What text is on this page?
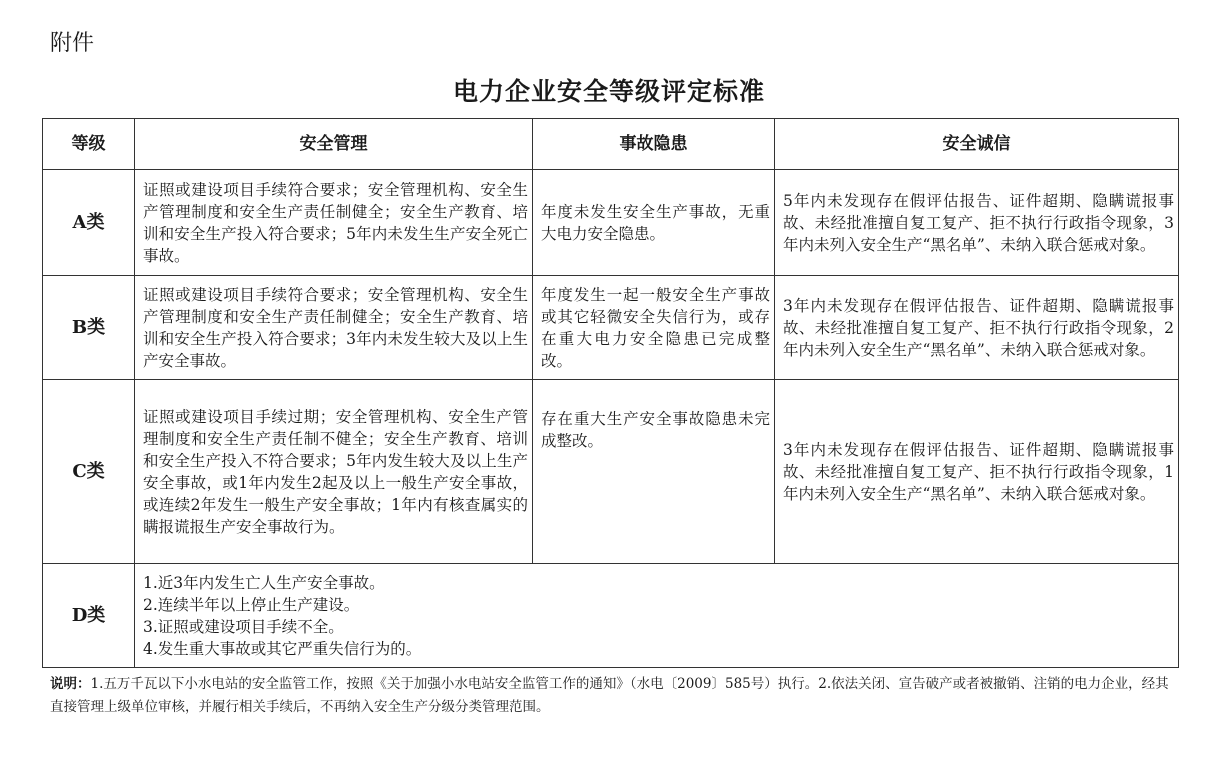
附件
电力企业安全等级评定标准
等级	安全管理	事故隐患	安全诚信
A类	证照或建设项目手续符合要求；安全管理机构、安全生产管理制度和安全生产责任制健全；安全生产教育、培训和安全生产投入符合要求；5年内未发生生产安全死亡事故。	年度未发生安全生产事故，无重大电力安全隐患。	5年内未发现存在假评估报告、证件超期、隐瞒谎报事故、未经批准擅自复工复产、拒不执行行政指令现象，3年内未列入安全生产“黑名单”、未纳入联合惩戒对象。
B类	证照或建设项目手续符合要求；安全管理机构、安全生产管理制度和安全生产责任制健全；安全生产教育、培训和安全生产投入符合要求；3年内未发生较大及以上生产安全事故。	年度发生一起一般安全生产事故或其它轻微安全失信行为，或存在重大电力安全隐患已完成整改。	3年内未发现存在假评估报告、证件超期、隐瞒谎报事故、未经批准擅自复工复产、拒不执行行政指令现象，2年内未列入安全生产“黑名单”、未纳入联合惩戒对象。
C类	证照或建设项目手续过期；安全管理机构、安全生产管理制度和安全生产责任制不健全；安全生产教育、培训和安全生产投入不符合要求；5年内发生较大及以上生产安全事故，或1年内发生2起及以上一般生产安全事故，或连续2年发生一般生产安全事故；1年内有核查属实的瞒报谎报生产安全事故行为。	存在重大生产安全事故隐患未完成整改。	3年内未发现存在假评估报告、证件超期、隐瞒谎报事故、未经批准擅自复工复产、拒不执行行政指令现象，1年内未列入安全生产“黑名单”、未纳入联合惩戒对象。
D类	1.近3年内发生亡人生产安全事故。
2.连续半年以上停止生产建设。
3.证照或建设项目手续不全。
4.发生重大事故或其它严重失信行为的。		
说明：1.五万千瓦以下小水电站的安全监管工作，按照《关于加强小水电站安全监管工作的通知》（水电〔2009〕585号）执行。2.依法关闭、宣告破产或者被撤销、注销的电力企业，经其直接管理上级单位审核，并履行相关手续后，不再纳入安全生产分级分类管理范围。
